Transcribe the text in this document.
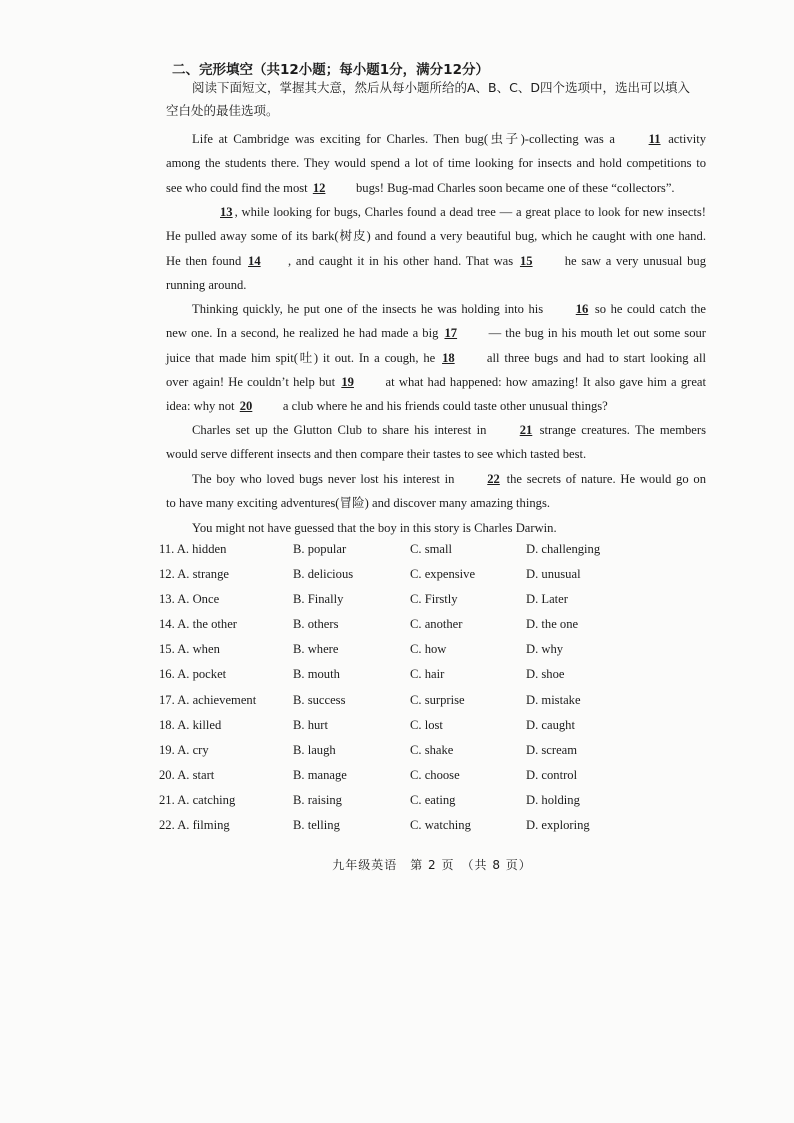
二、完形填空（共12小题；每小题1分，满分12分）
阅读下面短文，掌握其大意，然后从每小题所给的A、B、C、D四个选项中，选出可以填入
空白处的最佳选项。
Life at Cambridge was exciting for Charles. Then bug(虫子)-collecting was a	11 activity
among the students there. They would spend a lot of time looking for insects and hold competitions to
see who could find the most 12 bugs! Bug-mad Charles soon became one of these “collectors”.
13 , while looking for bugs, Charles found a dead tree — a great place to look for new insects!
He pulled away some of its bark(树皮) and found a very beautiful bug, which he caught with one hand.
He then found 14 , and caught it in his other hand. That was 15	he saw a very unusual bug
running around.
Thinking quickly, he put one of the insects he was holding into his	16 so he could catch the
new one. In a second, he realized he had made a big 17	— the bug in his mouth let out some sour
juice that made him spit(吐) it out. In a cough, he 18	all three bugs and had to start looking all
over again! He couldn’t help but 19	at what had happened: how amazing! It also gave him a great
idea: why not 20 a club where he and his friends could taste other unusual things?
Charles set up the Glutton Club to share his interest in	21 strange creatures. The members
would serve different insects and then compare their tastes to see which tasted best.
The boy who loved bugs never lost his interest in	22 the secrets of nature. He would go on
to have many exciting adventures(冒险) and discover many amazing things.
You might not have guessed that the boy in this story is Charles Darwin.
11. A. hidden	B. popular	C. small	D. challenging
12. A. strange	B. delicious	C. expensive	D. unusual
13. A. Once	B. Finally	C. Firstly	D. Later
14. A. the other	B. others	C. another	D. the one
15. A. when	B. where	C. how	D. why
16. A. pocket	B. mouth	C. hair	D. shoe
17. A. achievement	B. success	C. surprise	D. mistake
18. A. killed	B. hurt	C. lost	D. caught
19. A. cry	B. laugh	C. shake	D. scream
20. A. start	B. manage	C. choose	D. control
21. A. catching	B. raising	C. eating	D. holding
22. A. filming	B. telling	C. watching	D. exploring
九年级英语　第 2 页　（共 8 页）
